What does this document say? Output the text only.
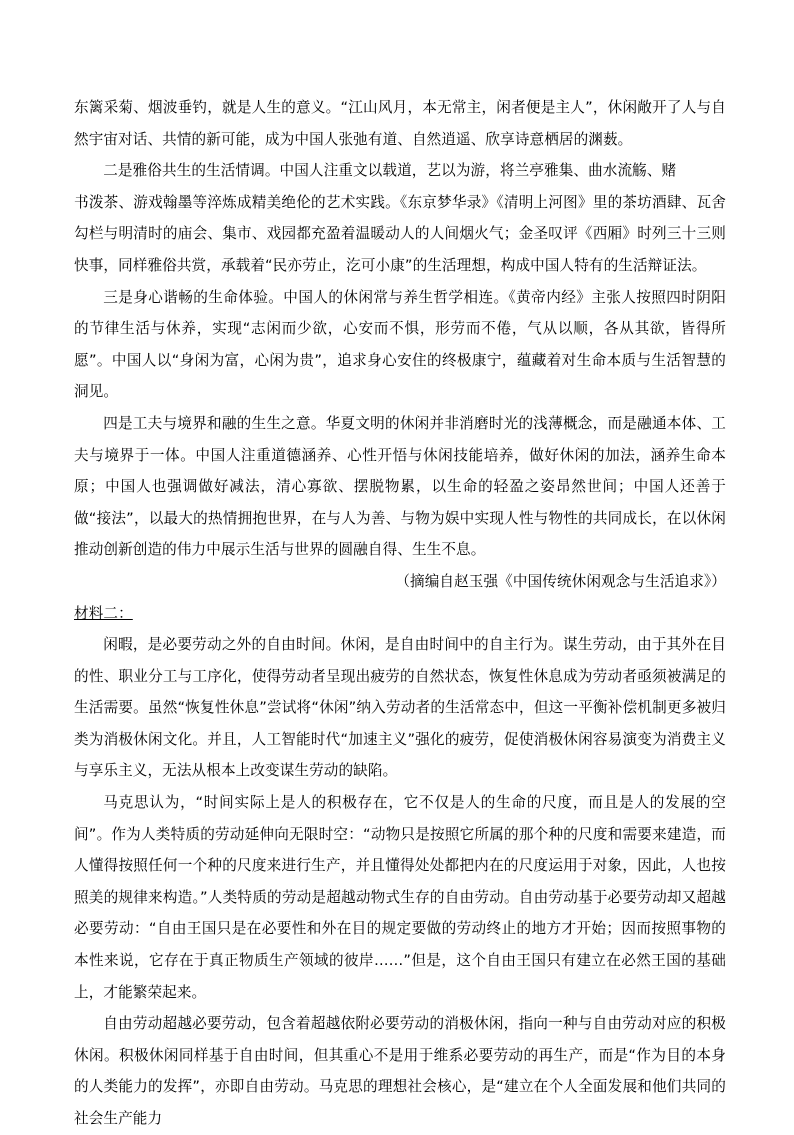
东篱采菊、烟波垂钓，就是人生的意义。“江山风月，本无常主，闲者便是主人”，休闲敞开了人与自然宇宙对话、共情的新可能，成为中国人张弛有道、自然逍遥、欣享诗意栖居的渊薮。

二是雅俗共生的生活情调。中国人注重文以载道，艺以为游，将兰亭雅集、曲水流觞、赌

书泼茶、游戏翰墨等淬炼成精美绝伦的艺术实践。《东京梦华录》《清明上河图》里的茶坊酒肆、瓦舍勾栏与明清时的庙会、集市、戏园都充盈着温暖动人的人间烟火气；金圣叹评《西厢》时列三十三则快事，同样雅俗共赏，承载着“民亦劳止，汔可小康”的生活理想，构成中国人特有的生活辩证法。

三是身心谐畅的生命体验。中国人的休闲常与养生哲学相连。《黄帝内经》主张人按照四时阴阳的节律生活与休养，实现“志闲而少欲，心安而不惧，形劳而不倦，气从以顺，各从其欲，皆得所愿”。中国人以“身闲为富，心闲为贵”，追求身心安住的终极康宁，蕴藏着对生命本质与生活智慧的洞见。

四是工夫与境界和融的生生之意。华夏文明的休闲并非消磨时光的浅薄概念，而是融通本体、工夫与境界于一体。中国人注重道德涵养、心性开悟与休闲技能培养，做好休闲的加法，涵养生命本原；中国人也强调做好减法，清心寡欲、摆脱物累，以生命的轻盈之姿昂然世间；中国人还善于做“接法”，以最大的热情拥抱世界，在与人为善、与物为娱中实现人性与物性的共同成长，在以休闲推动创新创造的伟力中展示生活与世界的圆融自得、生生不息。

（摘编自赵玉强《中国传统休闲观念与生活追求》）

材料二：

闲暇，是必要劳动之外的自由时间。休闲，是自由时间中的自主行为。谋生劳动，由于其外在目的性、职业分工与工序化，使得劳动者呈现出疲劳的自然状态，恢复性休息成为劳动者亟须被满足的生活需要。虽然“恢复性休息”尝试将“休闲”纳入劳动者的生活常态中，但这一平衡补偿机制更多被归类为消极休闲文化。并且，人工智能时代“加速主义”强化的疲劳，促使消极休闲容易演变为消费主义与享乐主义，无法从根本上改变谋生劳动的缺陷。

马克思认为，“时间实际上是人的积极存在，它不仅是人的生命的尺度，而且是人的发展的空间”。作为人类特质的劳动延伸向无限时空：“动物只是按照它所属的那个种的尺度和需要来建造，而人懂得按照任何一个种的尺度来进行生产，并且懂得处处都把内在的尺度运用于对象，因此，人也按照美的规律来构造。”人类特质的劳动是超越动物式生存的自由劳动。自由劳动基于必要劳动却又超越必要劳动：“自由王国只是在必要性和外在目的规定要做的劳动终止的地方才开始；因而按照事物的本性来说，它存在于真正物质生产领域的彼岸……”但是，这个自由王国只有建立在必然王国的基础上，才能繁荣起来。

自由劳动超越必要劳动，包含着超越依附必要劳动的消极休闲，指向一种与自由劳动对应的积极休闲。积极休闲同样基于自由时间，但其重心不是用于维系必要劳动的再生产，而是“作为目的本身的人类能力的发挥”，亦即自由劳动。马克思的理想社会核心，是“建立在个人全面发展和他们共同的社会生产能力
